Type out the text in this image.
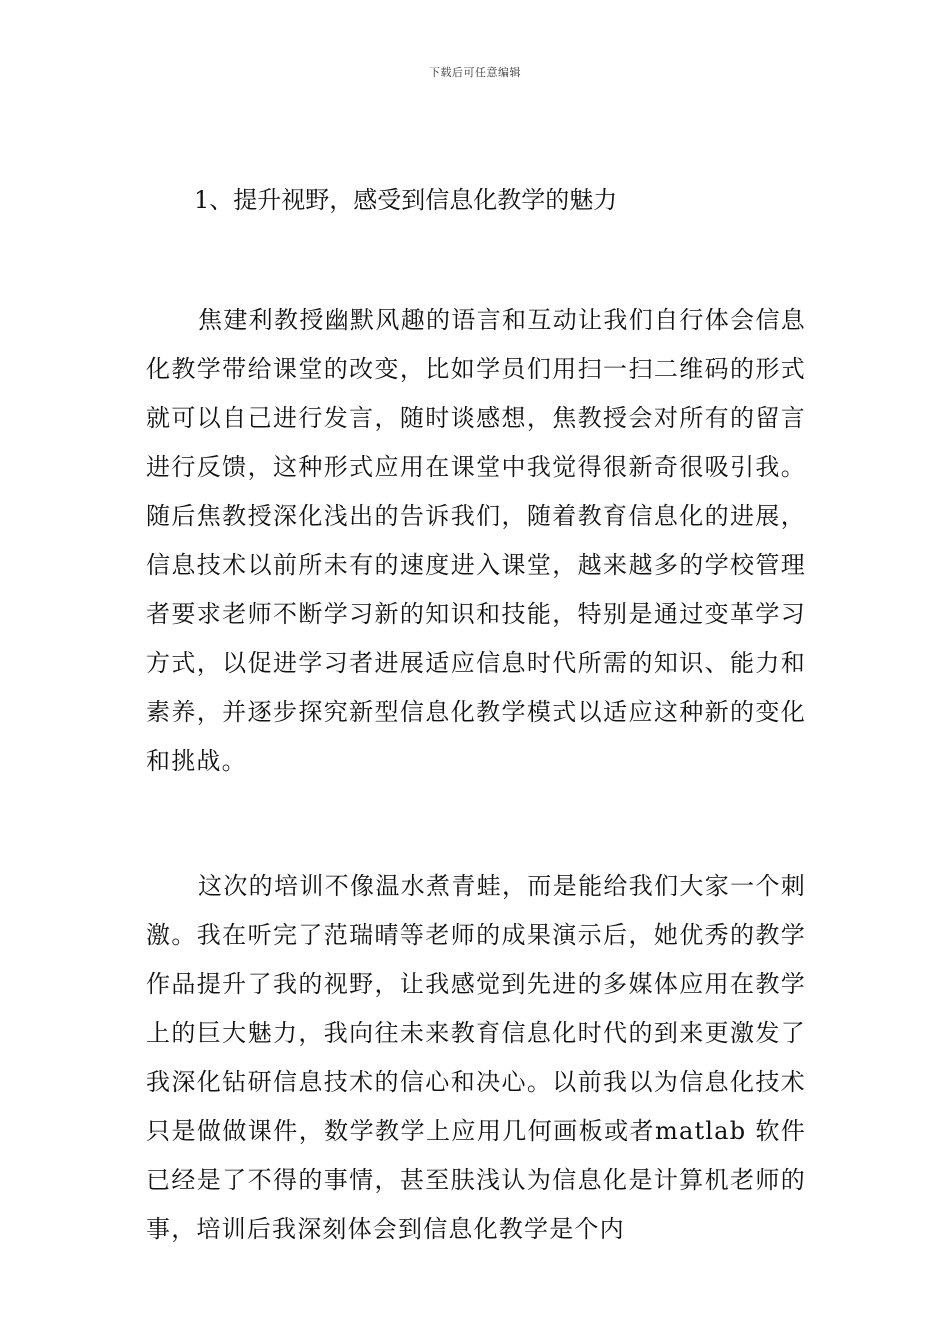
下载后可任意编辑

1、提升视野，感受到信息化教学的魅力

焦建利教授幽默风趣的语言和互动让我们自行体会信息化教学带给课堂的改变，比如学员们用扫一扫二维码的形式就可以自己进行发言，随时谈感想，焦教授会对所有的留言进行反馈，这种形式应用在课堂中我觉得很新奇很吸引我。随后焦教授深化浅出的告诉我们，随着教育信息化的进展，信息技术以前所未有的速度进入课堂，越来越多的学校管理者要求老师不断学习新的知识和技能，特别是通过变革学习方式，以促进学习者进展适应信息时代所需的知识、能力和素养，并逐步探究新型信息化教学模式以适应这种新的变化和挑战。

这次的培训不像温水煮青蛙，而是能给我们大家一个刺激。我在听完了范瑞晴等老师的成果演示后，她优秀的教学作品提升了我的视野，让我感觉到先进的多媒体应用在教学上的巨大魅力，我向往未来教育信息化时代的到来更激发了我深化钻研信息技术的信心和决心。以前我以为信息化技术只是做做课件，数学教学上应用几何画板或者matlab 软件已经是了不得的事情，甚至肤浅认为信息化是计算机老师的事，培训后我深刻体会到信息化教学是个内
